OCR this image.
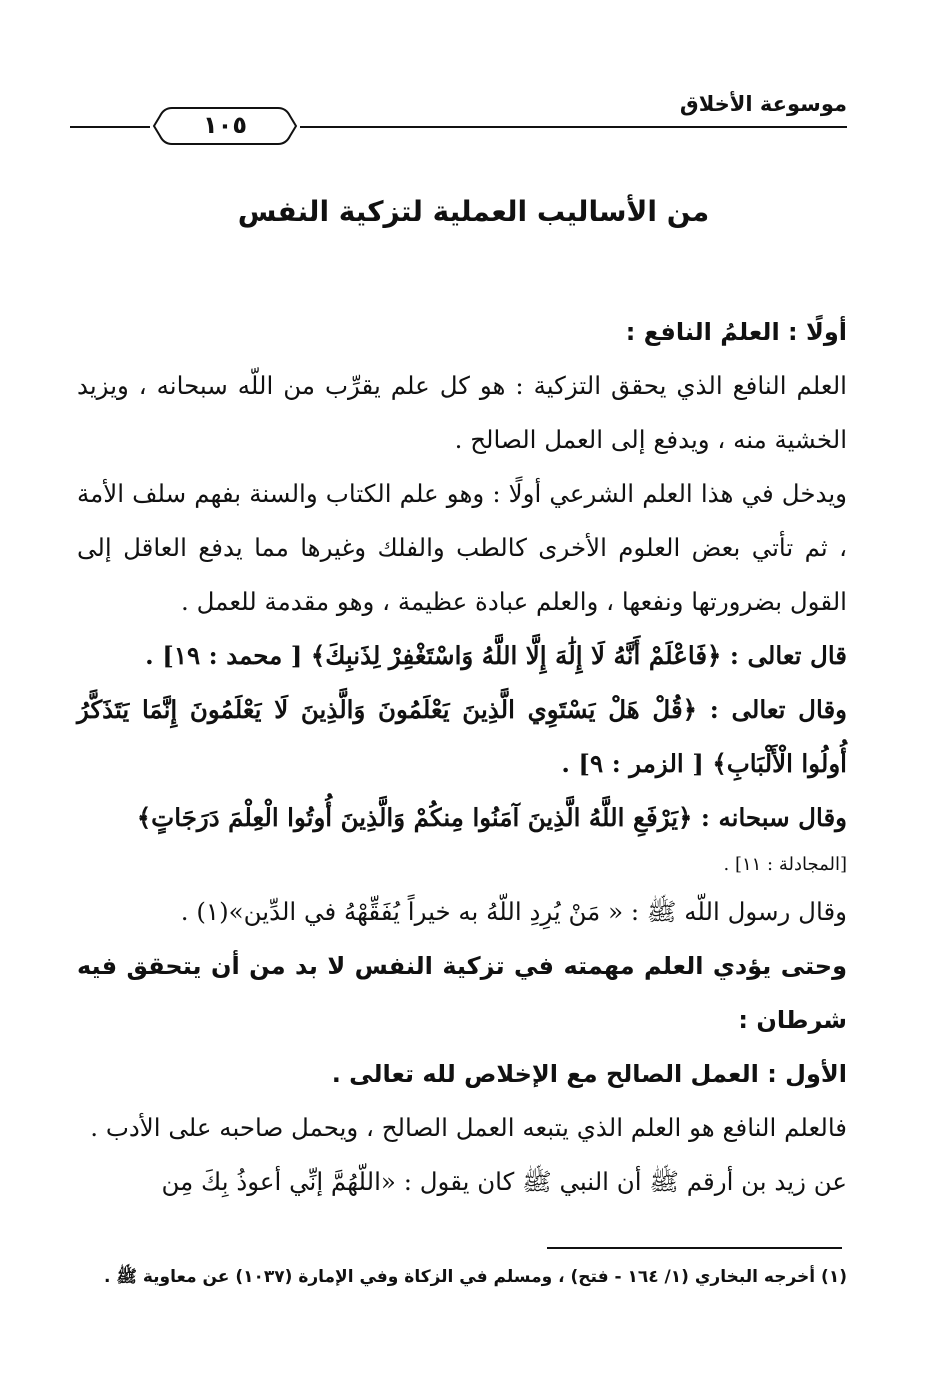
موسوعة الأخلاق
١٠٥
من الأساليب العملية لتزكية النفس

أولًا : العلمُ النافع :

العلم النافع الذي يحقق التزكية : هو كل علم يقرِّب من اللّه سبحانه ، ويزيد الخشية منه ، ويدفع إلى العمل الصالح .

ويدخل في هذا العلم الشرعي أولًا : وهو علم الكتاب والسنة بفهم سلف الأمة ، ثم تأتي بعض العلوم الأخرى كالطب والفلك وغيرها مما يدفع العاقل إلى القول بضرورتها ونفعها ، والعلم عبادة عظيمة ، وهو مقدمة للعمل .

قال تعالى : ﴿فَاعْلَمْ أَنَّهُ لَا إِلَٰهَ إِلَّا اللَّهُ وَاسْتَغْفِرْ لِذَنبِكَ﴾ [ محمد : ١٩] .

وقال تعالى : ﴿قُلْ هَلْ يَسْتَوِي الَّذِينَ يَعْلَمُونَ وَالَّذِينَ لَا يَعْلَمُونَ إِنَّمَا يَتَذَكَّرُ أُولُوا الْأَلْبَابِ﴾ [ الزمر : ٩] .

وقال سبحانه : ﴿يَرْفَعِ اللَّهُ الَّذِينَ آمَنُوا مِنكُمْ وَالَّذِينَ أُوتُوا الْعِلْمَ دَرَجَاتٍ﴾

[المجادلة : ١١] .

وقال رسول اللّه ﷺ : « مَنْ يُرِدِ اللّهُ به خيراً يُفَقِّهْهُ في الدِّين»(١) .

وحتى يؤدي العلم مهمته في تزكية النفس لا بد من أن يتحقق فيه شرطان :

الأول : العمل الصالح مع الإخلاص لله تعالى .

فالعلم النافع هو العلم الذي يتبعه العمل الصالح ، ويحمل صاحبه على الأدب .

عن زيد بن أرقم ﷺ أن النبي ﷺ كان يقول : «اللّهُمَّ إنِّي أعوذُ بِكَ مِن

(١) أخرجه البخاري (١/ ١٦٤ - فتح) ، ومسلم في الزكاة وفي الإمارة (١٠٣٧) عن معاوية ﷺ .
